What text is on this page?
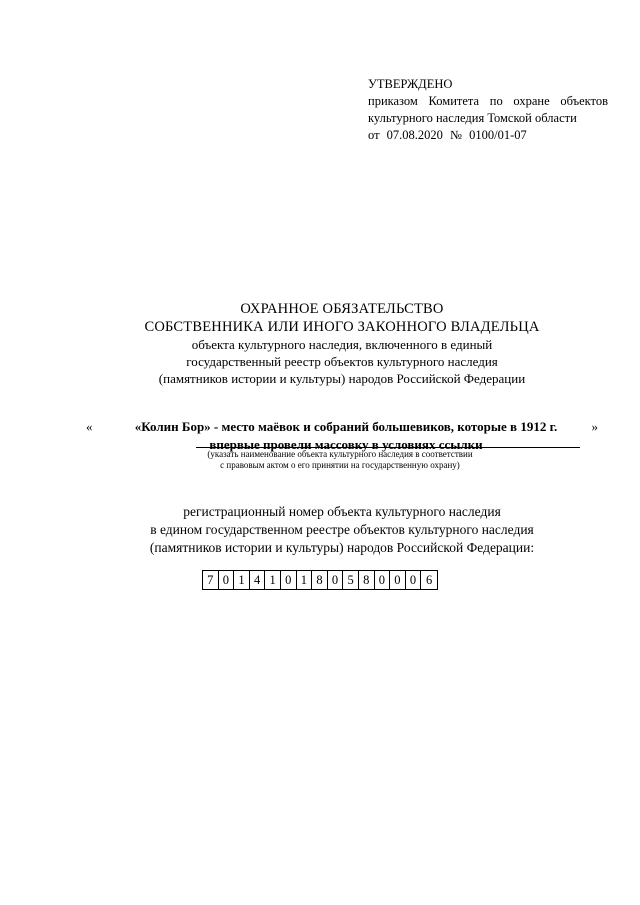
УТВЕРЖДЕНО
приказом Комитета по охране объектов
культурного наследия Томской области
от 07.08.2020 № 0100/01-07
ОХРАННОЕ ОБЯЗАТЕЛЬСТВО
СОБСТВЕННИКА ИЛИ ИНОГО ЗАКОННОГО ВЛАДЕЛЬЦА
объекта культурного наследия, включенного в единый
государственный реестр объектов культурного наследия
(памятников истории и культуры) народов Российской Федерации
«	«Колин Бор» - место маёвок и собраний большевиков, которые в 1912 г.
впервые провели массовку в условиях ссылки
»
(указать наименование объекта культурного наследия в соответствии
с правовым актом о его принятии на государственную охрану)
регистрационный номер объекта культурного наследия
в едином государственном реестре объектов культурного наследия
(памятников истории и культуры) народов Российской Федерации:
7 0 1 4 1 0 1 8 0 5 8 0 0 0 6
